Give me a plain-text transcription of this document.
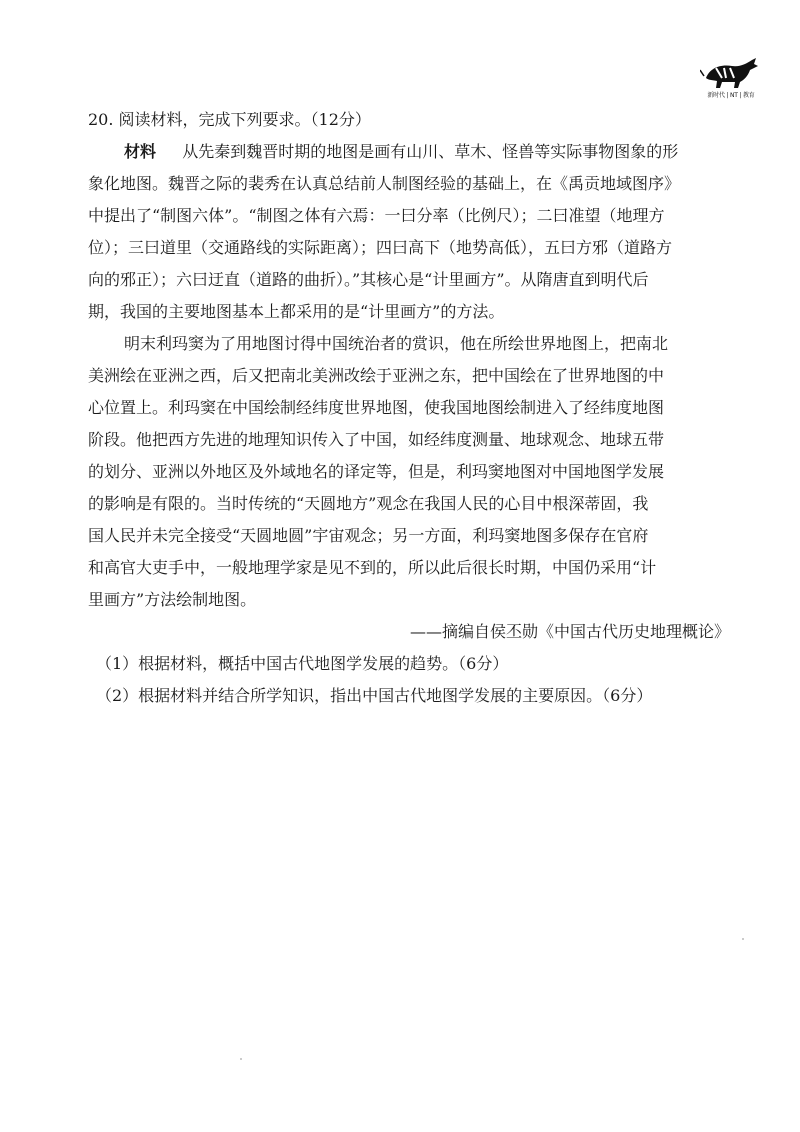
新时代 | NT | 教育
20. 阅读材料，完成下列要求。（12分）
材料 从先秦到魏晋时期的地图是画有山川、草木、怪兽等实际事物图象的形
象化地图。魏晋之际的裴秀在认真总结前人制图经验的基础上，在《禹贡地域图序》
中提出了“制图六体”。“制图之体有六焉：一曰分率（比例尺）；二曰准望（地理方
位）；三曰道里（交通路线的实际距离）；四曰高下（地势高低），五曰方邪（道路方
向的邪正）；六曰迂直（道路的曲折）。”其核心是“计里画方”。从隋唐直到明代后
期，我国的主要地图基本上都采用的是“计里画方”的方法。
明末利玛窦为了用地图讨得中国统治者的赏识，他在所绘世界地图上，把南北
美洲绘在亚洲之西，后又把南北美洲改绘于亚洲之东，把中国绘在了世界地图的中
心位置上。利玛窦在中国绘制经纬度世界地图，使我国地图绘制进入了经纬度地图
阶段。他把西方先进的地理知识传入了中国，如经纬度测量、地球观念、地球五带
的划分、亚洲以外地区及外域地名的译定等，但是，利玛窦地图对中国地图学发展
的影响是有限的。当时传统的“天圆地方”观念在我国人民的心目中根深蒂固，我
国人民并未完全接受“天圆地圆”宇宙观念；另一方面，利玛窦地图多保存在官府
和高官大吏手中，一般地理学家是见不到的，所以此后很长时期，中国仍采用“计
里画方”方法绘制地图。
——摘编自侯丕勋《中国古代历史地理概论》
（1）根据材料，概括中国古代地图学发展的趋势。（6分）
（2）根据材料并结合所学知识，指出中国古代地图学发展的主要原因。（6分）
